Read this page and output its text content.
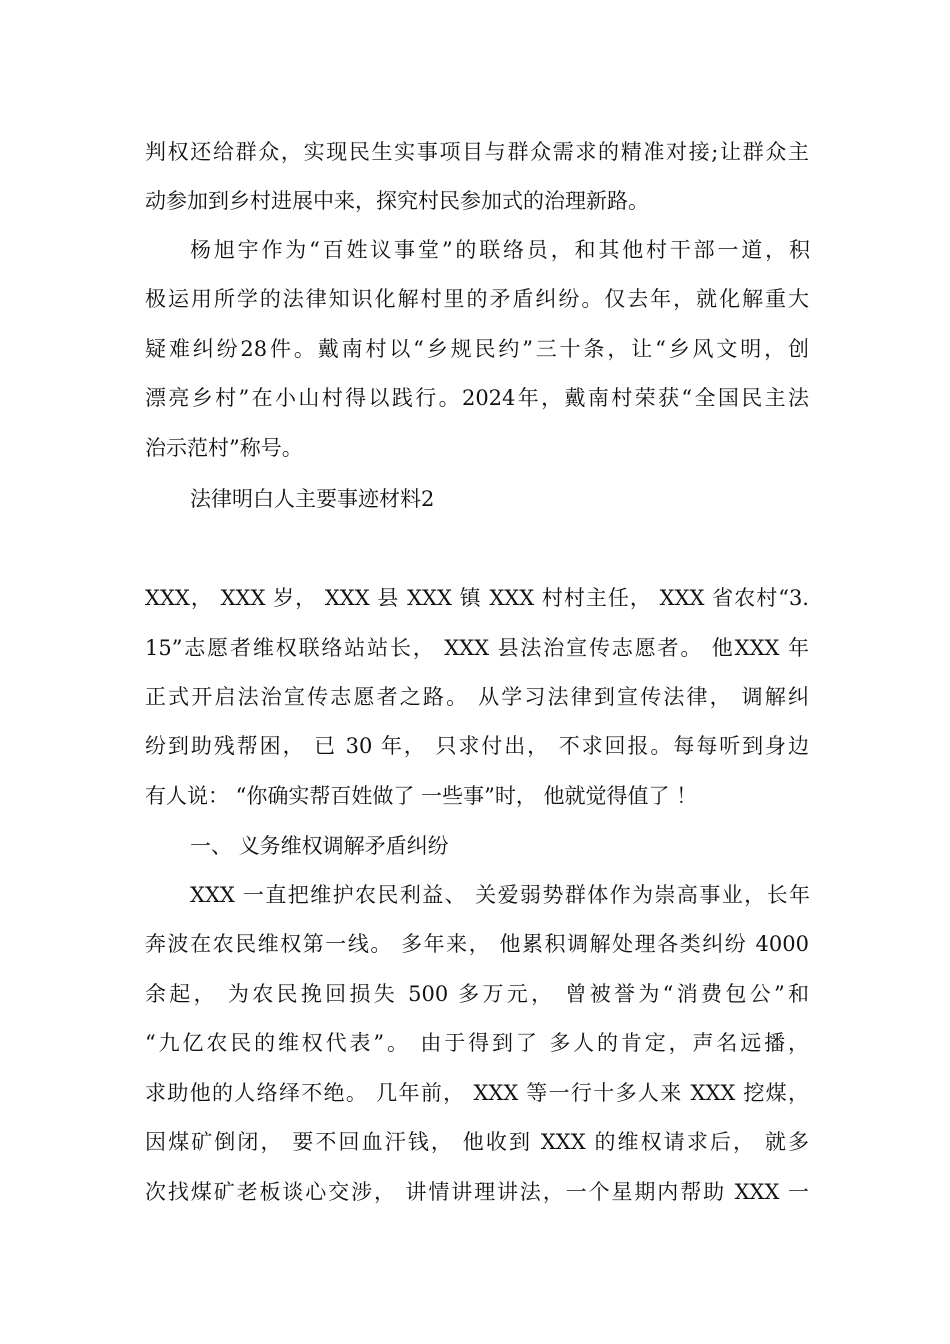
判权还给群众，实现民生实事项目与群众需求的精准对接;让群众主
动参加到乡村进展中来，探究村民参加式的治理新路。
杨旭宇作为“百姓议事堂”的联络员，和其他村干部一道，积
极运用所学的法律知识化解村里的矛盾纠纷。仅去年，就化解重大
疑难纠纷28件。戴南村以“乡规民约”三十条，让“乡风文明，创
漂亮乡村”在小山村得以践行。2024年，戴南村荣获“全国民主法
治示范村”称号。
法律明白人主要事迹材料2
XXX， XXX 岁， XXX 县 XXX 镇 XXX 村村主任， XXX 省农村“3.
15”志愿者维权联络站站长， XXX 县法治宣传志愿者。 他XXX 年
正式开启法治宣传志愿者之路。 从学习法律到宣传法律， 调解纠
纷到助残帮困， 已 30 年， 只求付出， 不求回报。每每听到身边
有人说： “你确实帮百姓做了 一些事”时， 他就觉得值了 ！
一、 义务维权调解矛盾纠纷
XXX 一直把维护农民利益、 关爱弱势群体作为崇高事业，长年
奔波在农民维权第一线。 多年来， 他累积调解处理各类纠纷 4000
余起， 为农民挽回损失 500 多万元， 曾被誉为“消费包公”和
“九亿农民的维权代表”。 由于得到了 多人的肯定，声名远播，
求助他的人络绎不绝。 几年前， XXX 等一行十多人来 XXX 挖煤，
因煤矿倒闭， 要不回血汗钱， 他收到 XXX 的维权请求后， 就多
次找煤矿老板谈心交涉， 讲情讲理讲法，一个星期内帮助 XXX 一
